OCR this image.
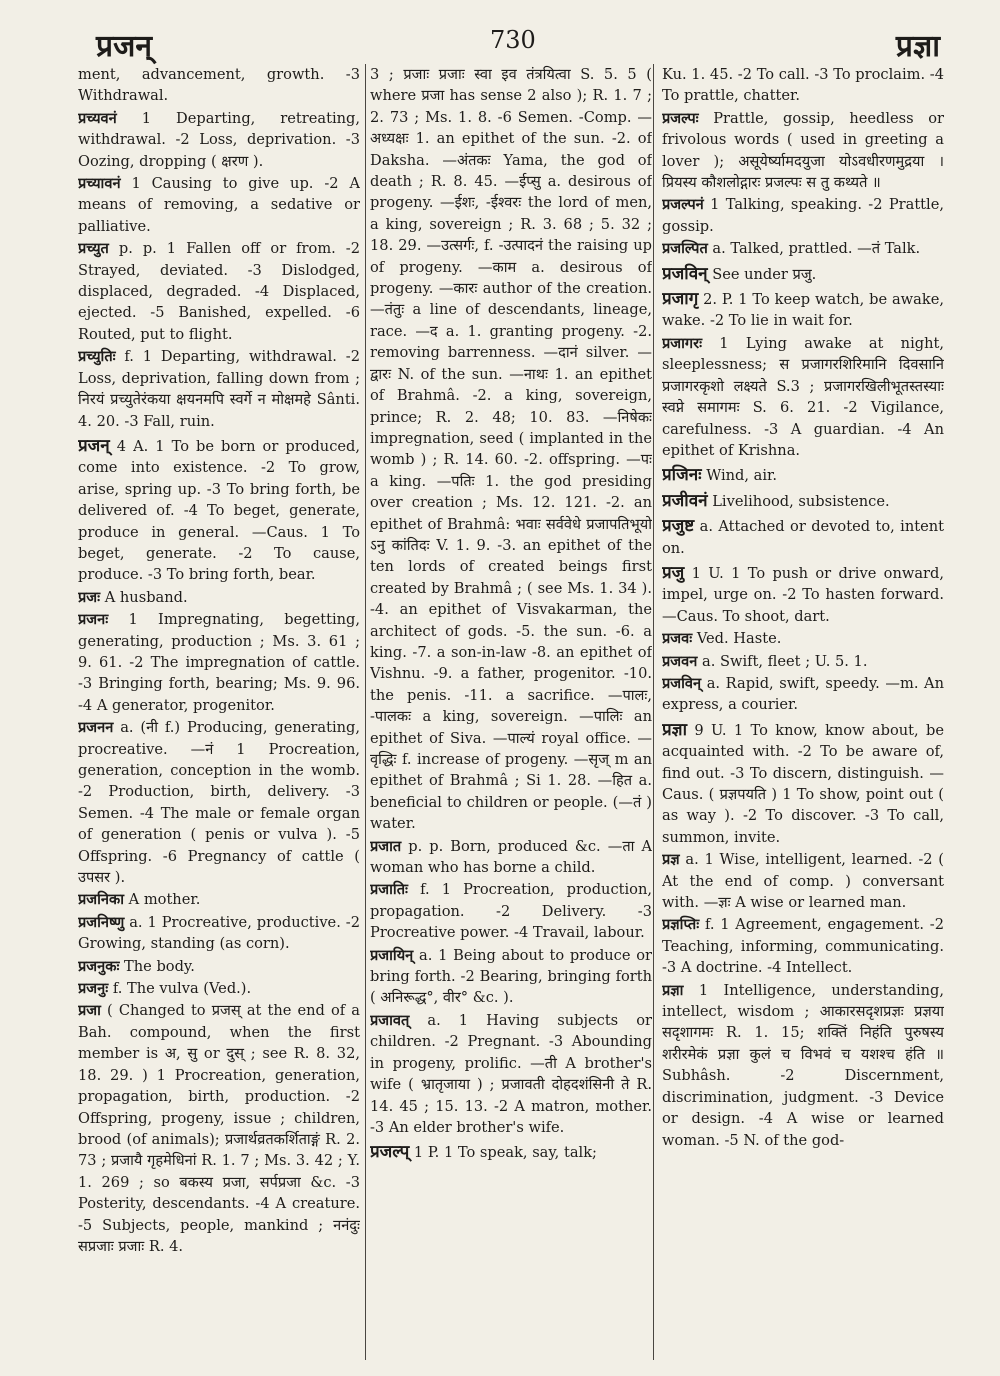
प्रजन्	730	प्रज्ञा

ment, advancement, growth. -3 Withdrawal.

प्रच्यवनं 1 Departing, retreating, withdrawal. -2 Loss, deprivation. -3 Oozing, dropping ( क्षरण ).

प्रच्यावनं 1 Causing to give up. -2 A means of removing, a sedative or palliative.

प्रच्युत p. p. 1 Fallen off or from. -2 Strayed, deviated. -3 Dislodged, displaced, degraded. -4 Displaced, ejected. -5 Banished, expelled. -6 Routed, put to flight.

प्रच्युतिः f. 1 Departing, withdrawal. -2 Loss, deprivation, falling down from ; निरयं प्रच्युतेरंकया क्षयनमपि स्वर्गे न मोक्षमहे Sânti. 4. 20. -3 Fall, ruin.

प्रजन् 4 A. 1 To be born or produced, come into existence. -2 To grow, arise, spring up. -3 To bring forth, be delivered of. -4 To beget, generate, produce in general. —Caus. 1 To beget, generate. -2 To cause, produce. -3 To bring forth, bear.

प्रजः A husband.

प्रजनः 1 Impregnating, begetting, generating, production ; Ms. 3. 61 ; 9. 61. -2 The impregnation of cattle. -3 Bringing forth, bearing; Ms. 9. 96. -4 A generator, progenitor.

प्रजनन a. (नी f.) Producing, generating, procreative. —नं 1 Procreation, generation, conception in the womb. -2 Production, birth, delivery. -3 Semen. -4 The male or female organ of generation ( penis or vulva ). -5 Offspring. -6 Pregnancy of cattle ( उपसर ).

प्रजनिका A mother.

प्रजनिष्णु a. 1 Procreative, productive. -2 Growing, standing (as corn).

प्रजनुकः The body.

प्रजनुः f. The vulva (Ved.).

प्रजा ( Changed to प्रजस् at the end of a Bah. compound, when the first member is अ, सु or दुस् ; see R. 8. 32, 18. 29. ) 1 Procreation, generation, propagation, birth, production. -2 Offspring, progeny, issue ; children, brood (of animals); प्रजार्थव्रतकर्शिताङ्गं R. 2. 73 ; प्रजायै गृहमेधिनां R. 1. 7 ; Ms. 3. 42 ; Y. 1. 269 ; so बकस्य प्रजा, सर्पप्रजा &c. -3 Posterity, descendants. -4 A creature. -5 Subjects, people, mankind ; ननंदुः सप्रजाः प्रजाः R. 4.

3 ; प्रजाः प्रजाः स्वा इव तंत्रयित्वा S. 5. 5 ( where प्रजा has sense 2 also ); R. 1. 7 ; 2. 73 ; Ms. 1. 8. -6 Semen. -Comp. —अध्यक्षः 1. an epithet of the sun. -2. of Daksha. —अंतकः Yama, the god of death ; R. 8. 45. —ईप्सु a. desirous of progeny. —ईशः, -ईश्वरः the lord of men, a king, sovereign ; R. 3. 68 ; 5. 32 ; 18. 29. —उत्सर्गः, f. -उत्पादनं the raising up of progeny. —काम a. desirous of progeny. —कारः author of the creation. —तंतुः a line of descendants, lineage, race. —द a. 1. granting progeny. -2. removing barrenness. —दानं silver. —द्वारः N. of the sun. —नाथः 1. an epithet of Brahmâ. -2. a king, sovereign, prince; R. 2. 48; 10. 83. —निषेकः impregnation, seed ( implanted in the womb ) ; R. 14. 60. -2. offspring. —पः a king. —पतिः 1. the god presiding over creation ; Ms. 12. 121. -2. an epithet of Brahmâ: भवाः सर्ववेधे प्रजापतिभूयो ऽनु कांतिदः V. 1. 9. -3. an epithet of the ten lords of created beings first created by Brahmâ ; ( see Ms. 1. 34 ). -4. an epithet of Visvakarman, the architect of gods. -5. the sun. -6. a king. -7. a son-in-law -8. an epithet of Vishnu. -9. a father, progenitor. -10. the penis. -11. a sacrifice. —पालः, -पालकः a king, sovereign. —पालिः an epithet of Siva. —पाल्यं royal office. —वृद्धिः f. increase of progeny. —सृज् m an epithet of Brahmâ ; Si 1. 28. —हित a. beneficial to children or people. (—तं ) water.

प्रजात p. p. Born, produced &c. —ता A woman who has borne a child.

प्रजातिः f. 1 Procreation, production, propagation. -2 Delivery. -3 Procreative power. -4 Travail, labour.

प्रजायिन् a. 1 Being about to produce or bring forth. -2 Bearing, bringing forth ( अनिरूद्ध°, वीर° &c. ).

प्रजावत् a. 1 Having subjects or children. -2 Pregnant. -3 Abounding in progeny, prolific. —ती A brother's wife ( भ्रातृजाया ) ; प्रजावती दोहदशंसिनी ते R. 14. 45 ; 15. 13. -2 A matron, mother. -3 An elder brother's wife.

प्रजल्प् 1 P. 1 To speak, say, talk;

Ku. 1. 45. -2 To call. -3 To proclaim. -4 To prattle, chatter.

प्रजल्पः Prattle, gossip, heedless or frivolous words ( used in greeting a lover ); असूयेर्ष्यामदयुजा योऽवधीरणमुद्रया । प्रियस्य कौशलोद्गारः प्रजल्पः स तु कथ्यते ॥

प्रजल्पनं 1 Talking, speaking. -2 Prattle, gossip.

प्रजल्पित a. Talked, prattled. —तं Talk.

प्रजविन् See under प्रजु.

प्रजागृ 2. P. 1 To keep watch, be awake, wake. -2 To lie in wait for.

प्रजागरः 1 Lying awake at night, sleeplessness; स प्रजागरशिरिमानि दिवसानि प्रजागरकृशो लक्ष्यते S.3 ; प्रजागरखिलीभूतस्तस्याः स्वप्ने समागमः S. 6. 21. -2 Vigilance, carefulness. -3 A guardian. -4 An epithet of Krishna.

प्रजिनः Wind, air.

प्रजीवनं Livelihood, subsistence.

प्रजुष्ट a. Attached or devoted to, intent on.

प्रजु 1 U. 1 To push or drive onward, impel, urge on. -2 To hasten forward. —Caus. To shoot, dart.

प्रजवः Ved. Haste.

प्रजवन a. Swift, fleet ; U. 5. 1.

प्रजविन् a. Rapid, swift, speedy. —m. An express, a courier.

प्रज्ञा 9 U. 1 To know, know about, be acquainted with. -2 To be aware of, find out. -3 To discern, distinguish. —Caus. ( प्रज्ञपयति ) 1 To show, point out ( as way ). -2 To discover. -3 To call, summon, invite.

प्रज्ञ a. 1 Wise, intelligent, learned. -2 ( At the end of comp. ) conversant with. —ज्ञः A wise or learned man.

प्रज्ञप्तिः f. 1 Agreement, engagement. -2 Teaching, informing, communicating. -3 A doctrine. -4 Intellect.

प्रज्ञा 1 Intelligence, understanding, intellect, wisdom ; आकारसदृशप्रज्ञः प्रज्ञया सदृशागमः R. 1. 15; शक्तिं निहंति पुरुषस्य शरीरमेकं प्रज्ञा कुलं च विभवं च यशश्च हंति ॥ Subhâsh. -2 Discernment, discrimination, judgment. -3 Device or design. -4 A wise or learned woman. -5 N. of the god-
